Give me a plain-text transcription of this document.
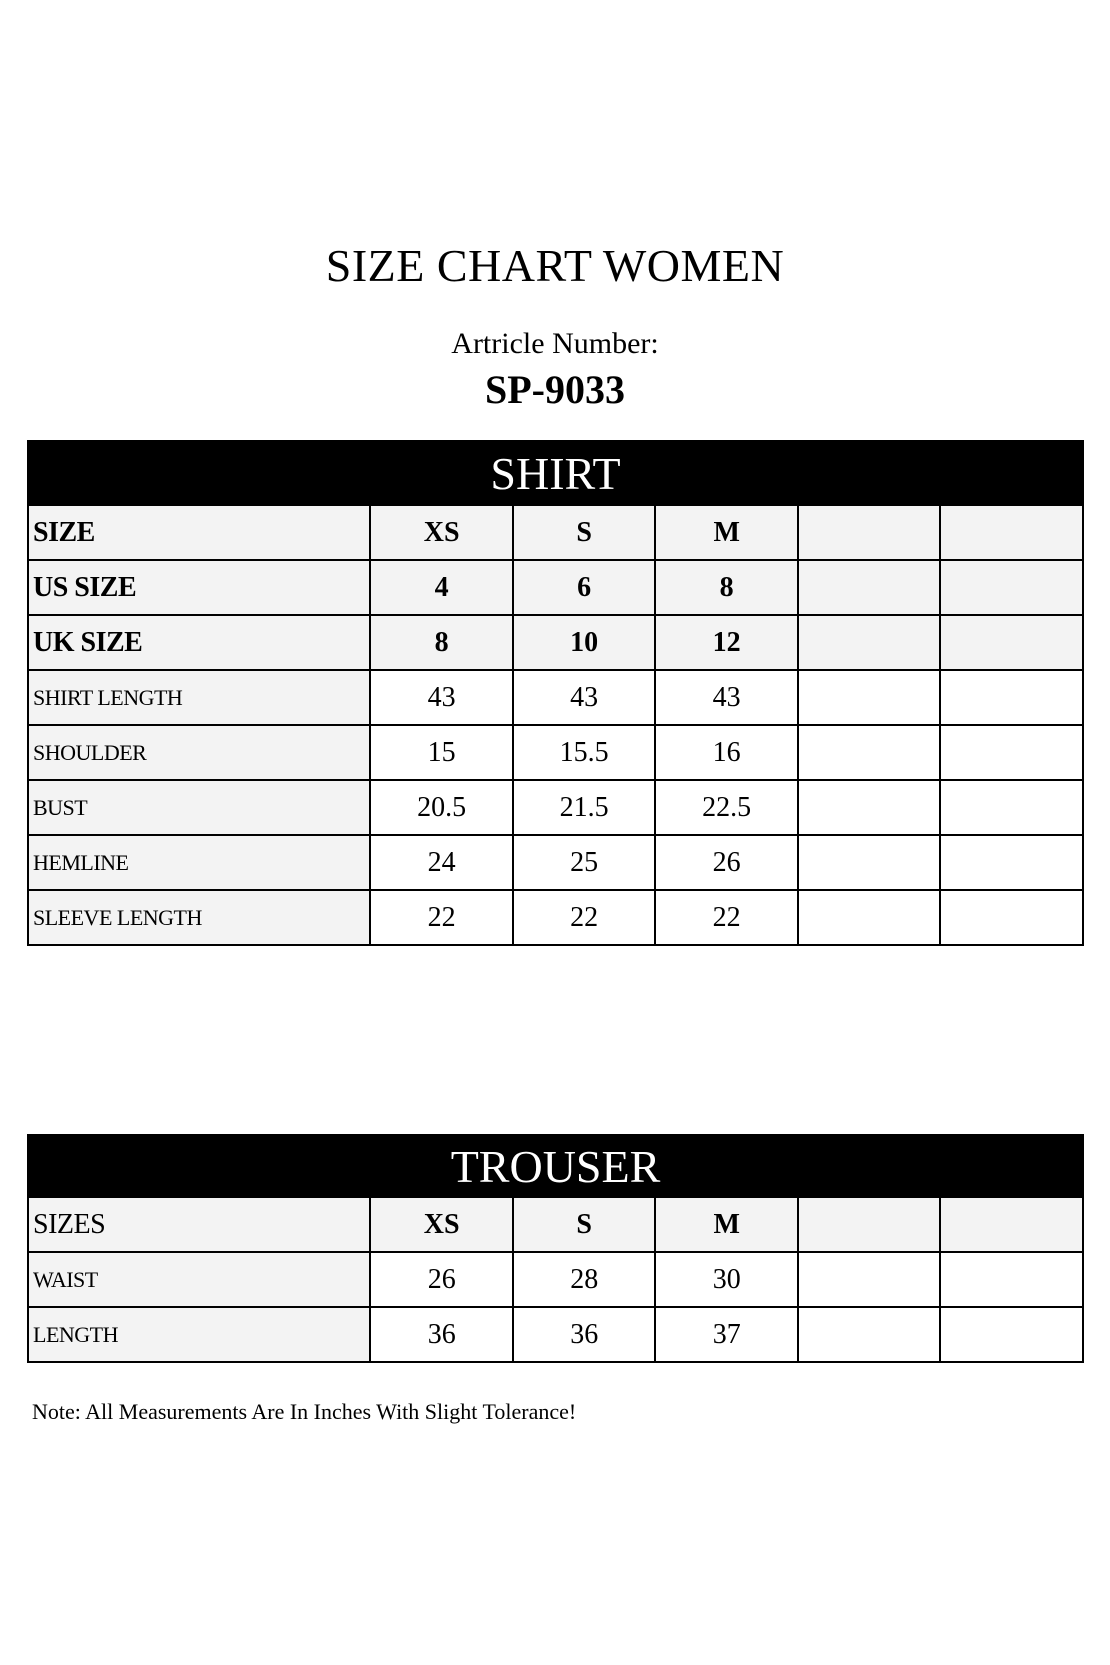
SIZE CHART WOMEN
Artricle Number:
SP-9033
SHIRT					
SIZE	XS	S	M		
US SIZE	4	6	8		
UK SIZE	8	10	12		
SHIRT LENGTH	43	43	43		
SHOULDER	15	15.5	16		
BUST	20.5	21.5	22.5		
HEMLINE	24	25	26		
SLEEVE LENGTH	22	22	22		
TROUSER					
SIZES	XS	S	M		
WAIST	26	28	30		
LENGTH	36	36	37		
Note: All Measurements Are In Inches With Slight Tolerance!
